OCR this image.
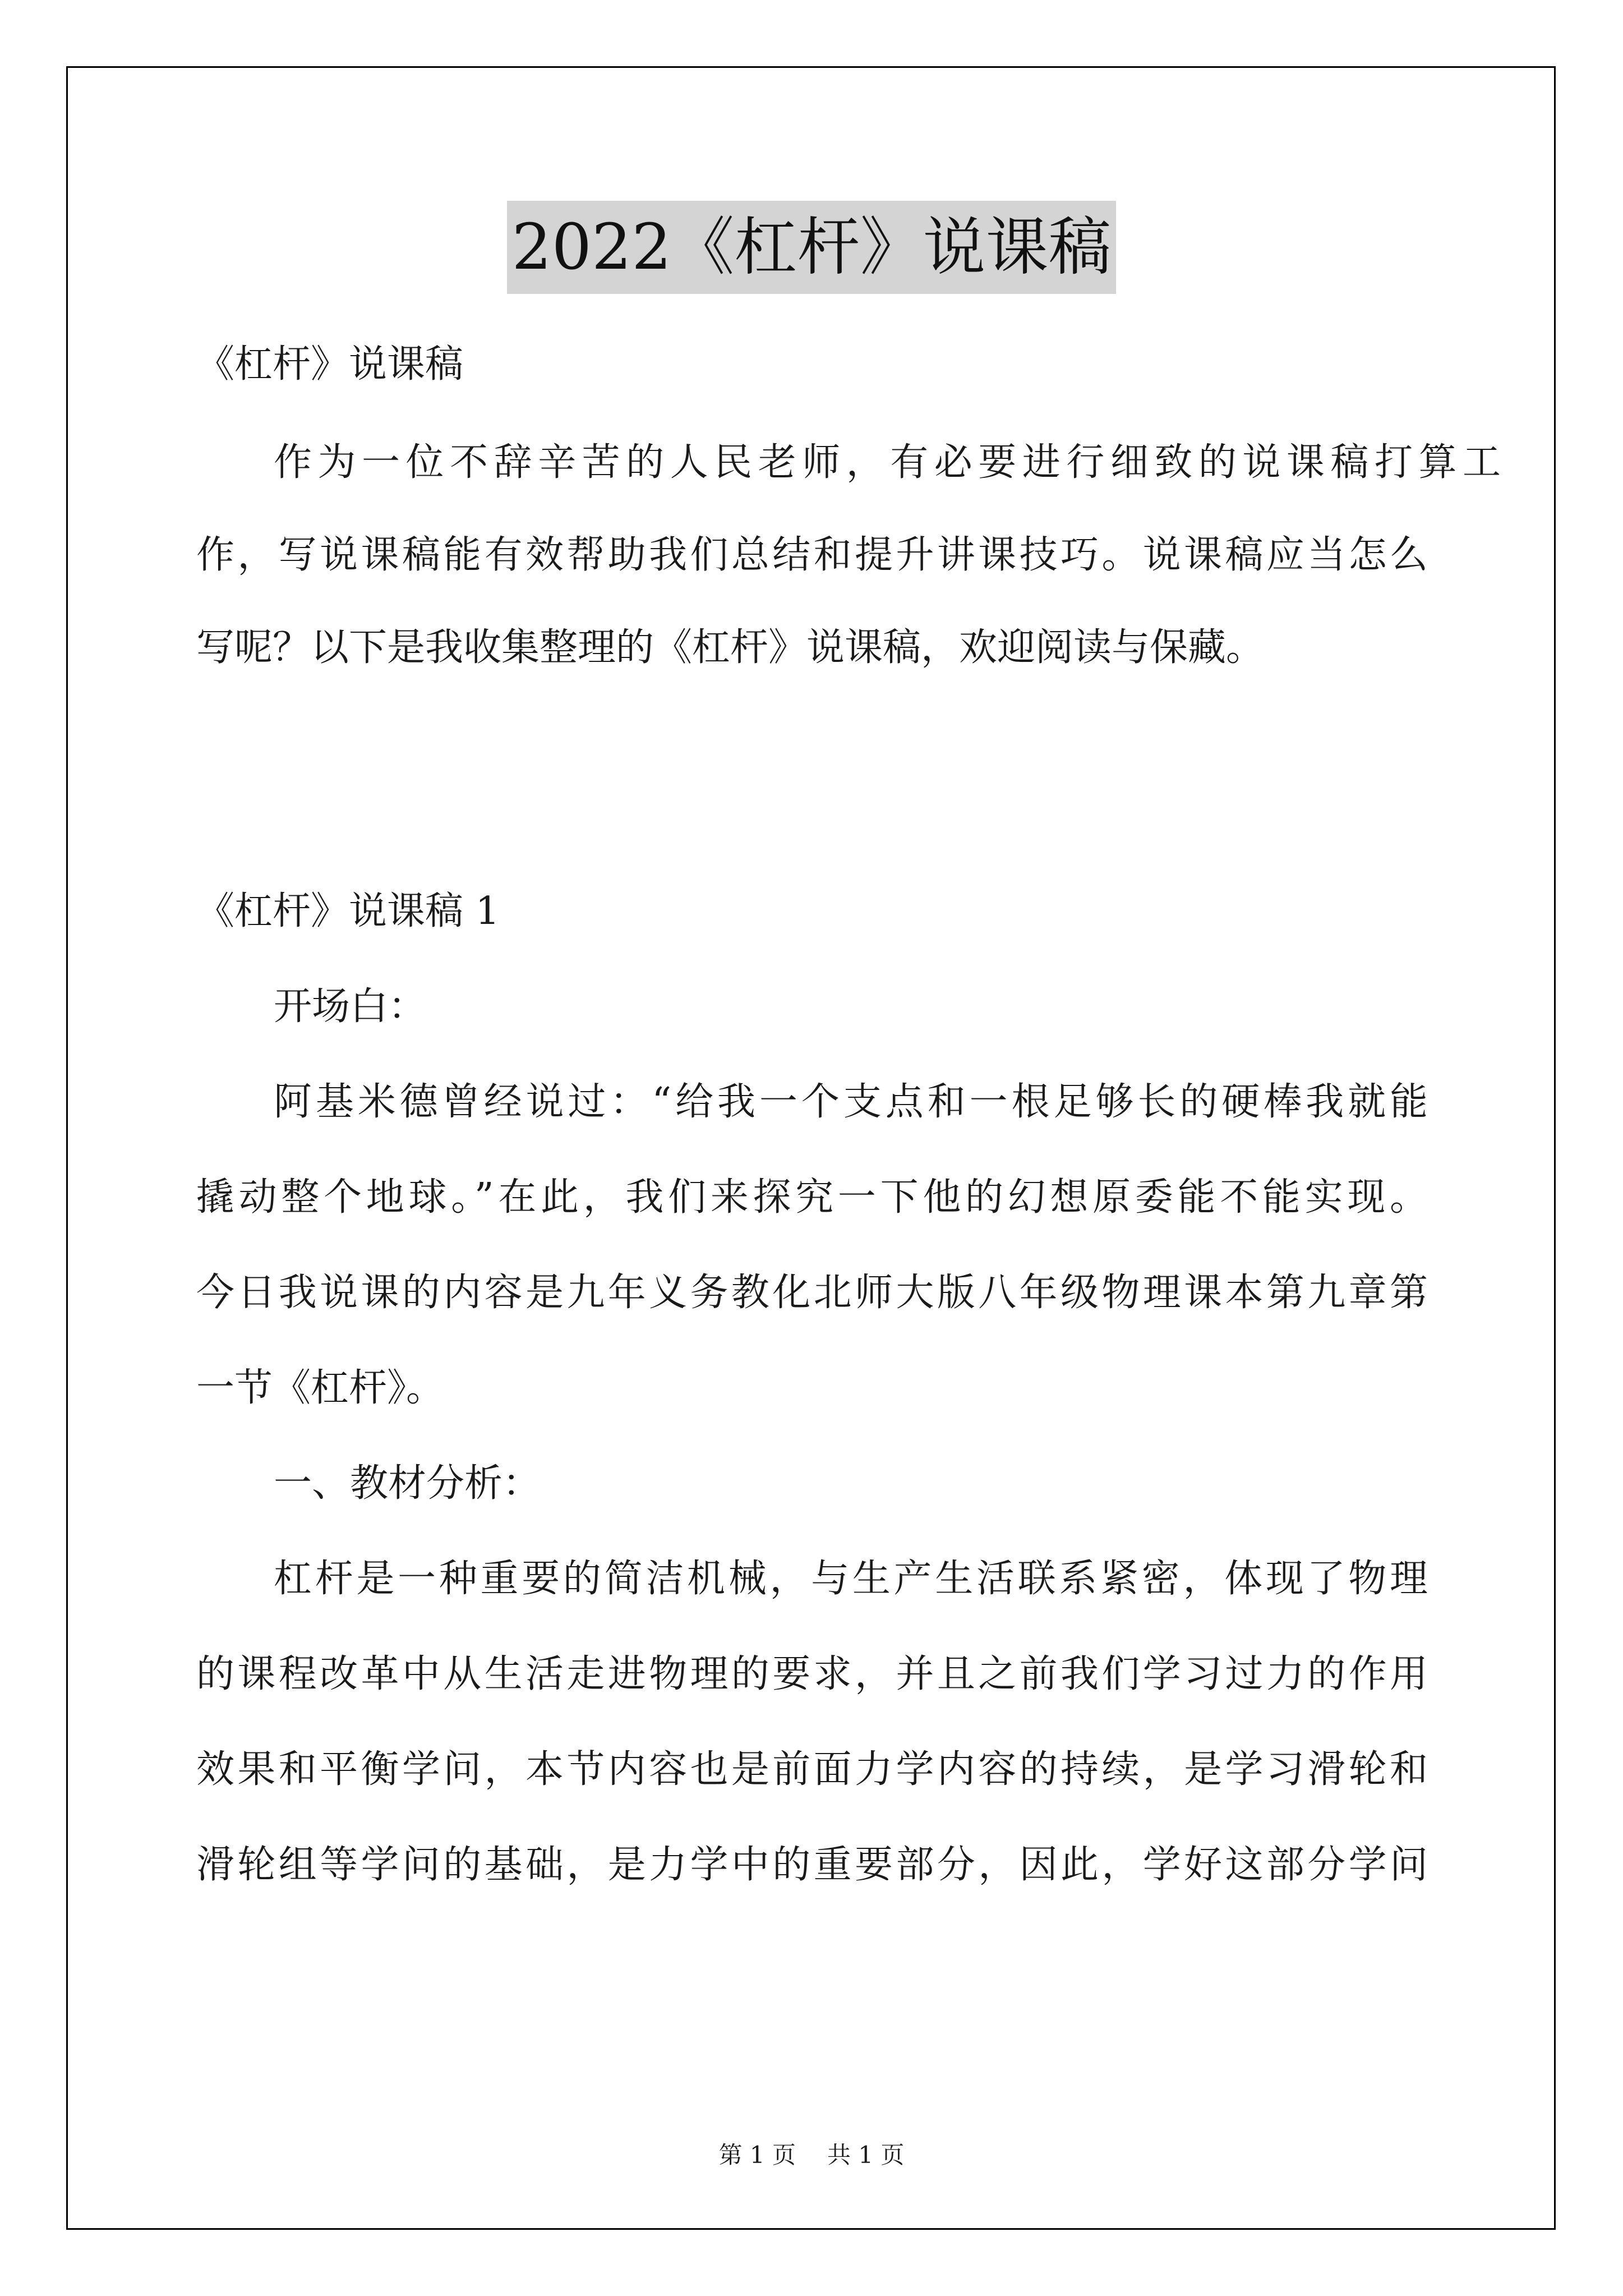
2022《杠杆》说课稿
《杠杆》说课稿
作为一位不辞辛苦的人民老师，有必要进行细致的说课稿打算工
作，写说课稿能有效帮助我们总结和提升讲课技巧。说课稿应当怎么
写呢？以下是我收集整理的《杠杆》说课稿，欢迎阅读与保藏。
《杠杆》说课稿 1
开场白：
阿基米德曾经说过：“给我一个支点和一根足够长的硬棒我就能
撬动整个地球。”在此，我们来探究一下他的幻想原委能不能实现。
今日我说课的内容是九年义务教化北师大版八年级物理课本第九章第
一节《杠杆》。
一、教材分析：
杠杆是一种重要的简洁机械，与生产生活联系紧密，体现了物理
的课程改革中从生活走进物理的要求，并且之前我们学习过力的作用
效果和平衡学问，本节内容也是前面力学内容的持续，是学习滑轮和
滑轮组等学问的基础，是力学中的重要部分，因此，学好这部分学问
第 1 页 共 1 页
